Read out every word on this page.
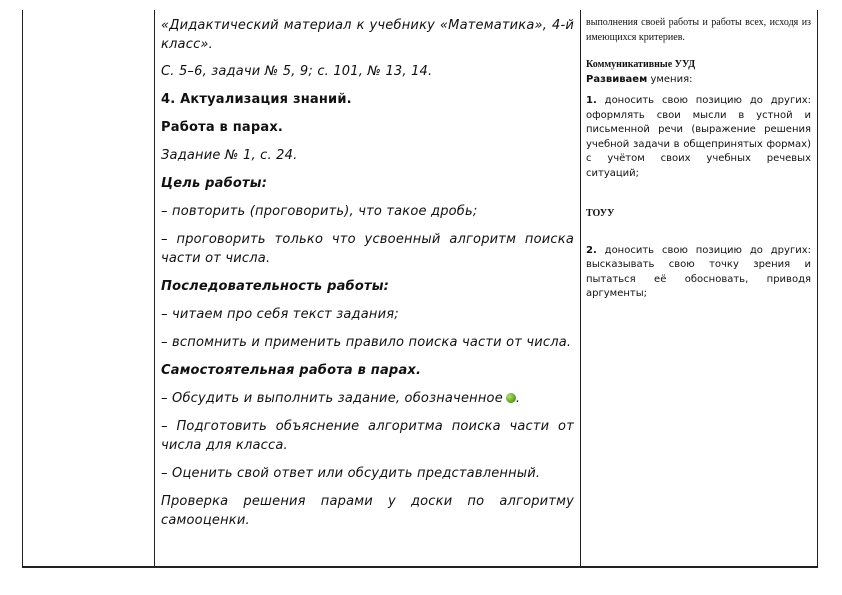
«Дидактический материал к учебнику «Математика», 4-й класс».

С. 5–6, задачи № 5, 9; с. 101, № 13, 14.

4. Актуализация знаний.

Работа в парах.

Задание № 1, с. 24.

Цель работы:

– повторить (проговорить), что такое дробь;

– проговорить только что усвоенный алгоритм поиска части от числа.

Последовательность работы:

– читаем про себя текст задания;

– вспомнить и применить правило поиска части от числа.

Самостоятельная работа в парах.

– Обсудить и выполнить задание, обозначенное .

– Подготовить объяснение алгоритма поиска части от числа для класса.

– Оценить свой ответ или обсудить представленный.

Проверка решения парами у доски по алгоритму самооценки.

выполнения своей работы и работы всех, исходя из имеющихся критериев.

Коммуникативные УУД

Развиваем умения:

1. доносить свою позицию до других: оформлять свои мысли в устной и письменной речи (выражение решения учебной задачи в общепринятых формах) с учётом своих учебных речевых ситуаций;

ТОУУ

2. доносить свою позицию до других: высказывать свою точку зрения и пытаться её обосновать, приводя аргументы;
